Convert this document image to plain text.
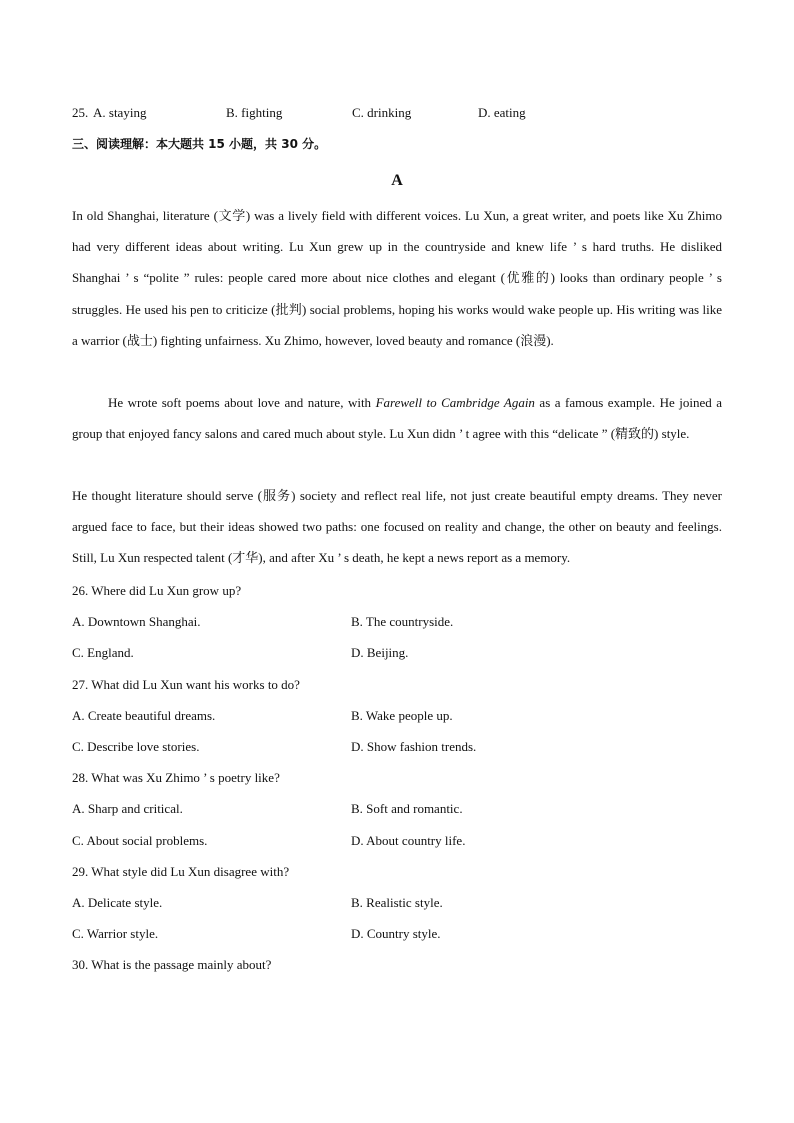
25. A. staying	B. fighting	C. drinking	D. eating
三、阅读理解：本大题共 15 小题，共 30 分。
A

In old Shanghai, literature (文学) was a lively field with different voices. Lu Xun, a great writer, and poets like Xu Zhimo had very different ideas about writing. Lu Xun grew up in the countryside and knew life ’ s hard truths. He disliked Shanghai ’ s “polite ” rules: people cared more about nice clothes and elegant (优雅的) looks than ordinary people ’ s struggles. He used his pen to criticize (批判) social problems, hoping his works would wake people up. His writing was like a warrior (战士) fighting unfairness. Xu Zhimo, however, loved beauty and romance (浪漫).

He wrote soft poems about love and nature, with Farewell to Cambridge Again as a famous example. He joined a group that enjoyed fancy salons and cared much about style. Lu Xun didn ’ t agree with this “delicate ” (精致的) style.

He thought literature should serve (服务) society and reflect real life, not just create beautiful empty dreams. They never argued face to face, but their ideas showed two paths: one focused on reality and change, the other on beauty and feelings. Still, Lu Xun respected talent (才华), and after Xu ’ s death, he kept a news report as a memory.

26. Where did Lu Xun grow up?
A. Downtown Shanghai.	B. The countryside.
C. England.	D. Beijing.
27. What did Lu Xun want his works to do?
A. Create beautiful dreams.	B. Wake people up.
C. Describe love stories.	D. Show fashion trends.
28. What was Xu Zhimo ’ s poetry like?
A. Sharp and critical.	B. Soft and romantic.
C. About social problems.	D. About country life.
29. What style did Lu Xun disagree with?
A. Delicate style.	B. Realistic style.
C. Warrior style.	D. Country style.
30. What is the passage mainly about?
